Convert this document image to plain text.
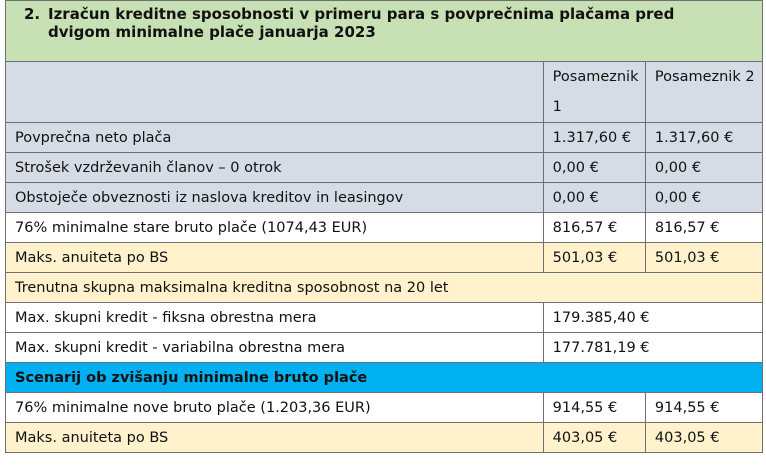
2. Izračun kreditne sposobnosti v primeru para s povprečnima plačama pred
dvigom minimalne plače januarja 2023		

	Posameznik 1	Posameznik 2
Povprečna neto plača	1.317,60 €	1.317,60 €
Strošek vzdrževanih članov – 0 otrok	0,00 €	0,00 €
Obstoječe obveznosti iz naslova kreditov in leasingov	0,00 €	0,00 €
76% minimalne stare bruto plače (1074,43 EUR)	816,57 €	816,57 €
Maks. anuiteta po BS	501,03 €	501,03 €
Trenutna skupna maksimalna kreditna sposobnost na 20 let		
Max. skupni kredit - fiksna obrestna mera	179.385,40 €	
Max. skupni kredit - variabilna obrestna mera	177.781,19 €	
Scenarij ob zvišanju minimalne bruto plače		
76% minimalne nove bruto plače (1.203,36 EUR)	914,55 €	914,55 €
Maks. anuiteta po BS	403,05 €	403,05 €
